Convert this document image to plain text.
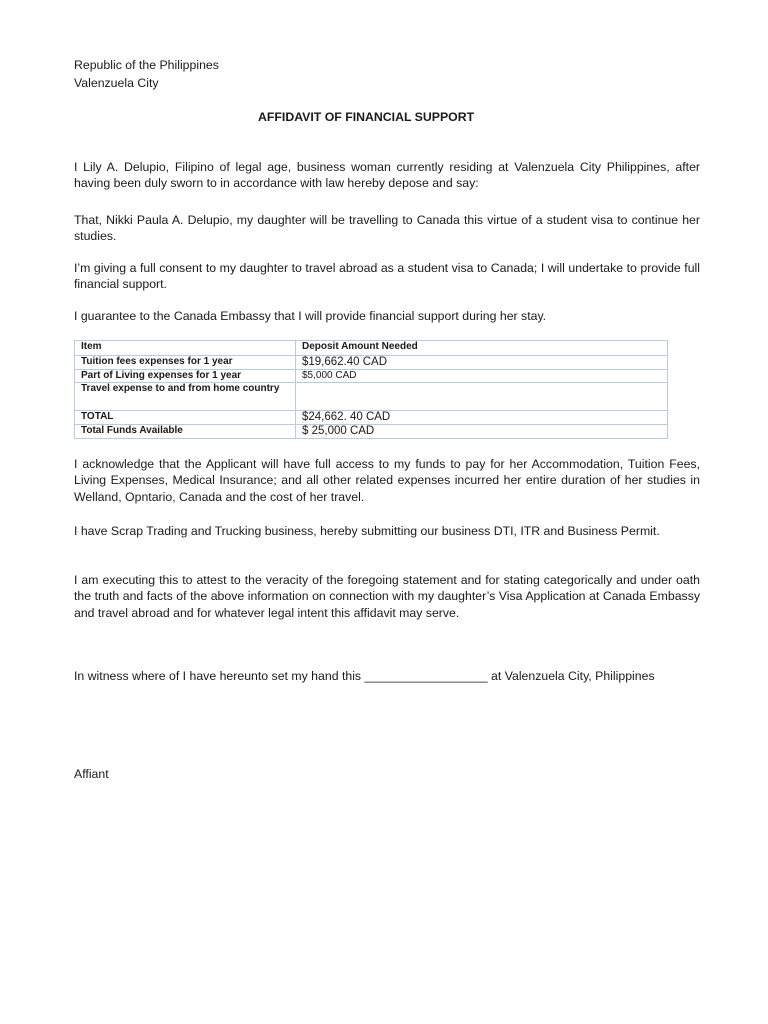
Republic of the Philippines

Valenzuela City

AFFIDAVIT OF FINANCIAL SUPPORT

I Lily A. Delupio, Filipino of legal age, business woman currently residing at Valenzuela City Philippines, after having been duly sworn to in accordance with law hereby depose and say:

That, Nikki Paula A. Delupio, my daughter will be travelling to Canada this virtue of a student visa to continue her studies.

I’m giving a full consent to my daughter to travel abroad as a student visa to Canada; I will undertake to provide full financial support.

I guarantee to the Canada Embassy that I will provide financial support during her stay.

Item	Deposit Amount Needed
Tuition fees expenses for 1 year	$19,662.40 CAD
Part of Living expenses for 1 year	$5,000 CAD
Travel expense to and from home country	
TOTAL	$24,662. 40 CAD
Total Funds Available	$ 25,000 CAD

I acknowledge that the Applicant will have full access to my funds to pay for her Accommodation, Tuition Fees, Living Expenses, Medical Insurance; and all other related expenses incurred her entire duration of her studies in Welland, Opntario, Canada and the cost of her travel.

I have Scrap Trading and Trucking business, hereby submitting our business DTI, ITR and Business Permit.

I am executing this to attest to the veracity of the foregoing statement and for stating categorically and under oath the truth and facts of the above information on connection with my daughter’s Visa Application at Canada Embassy and travel abroad and for whatever legal intent this affidavit may serve.

In witness where of I have hereunto set my hand this __________________ at Valenzuela City, Philippines

Affiant
